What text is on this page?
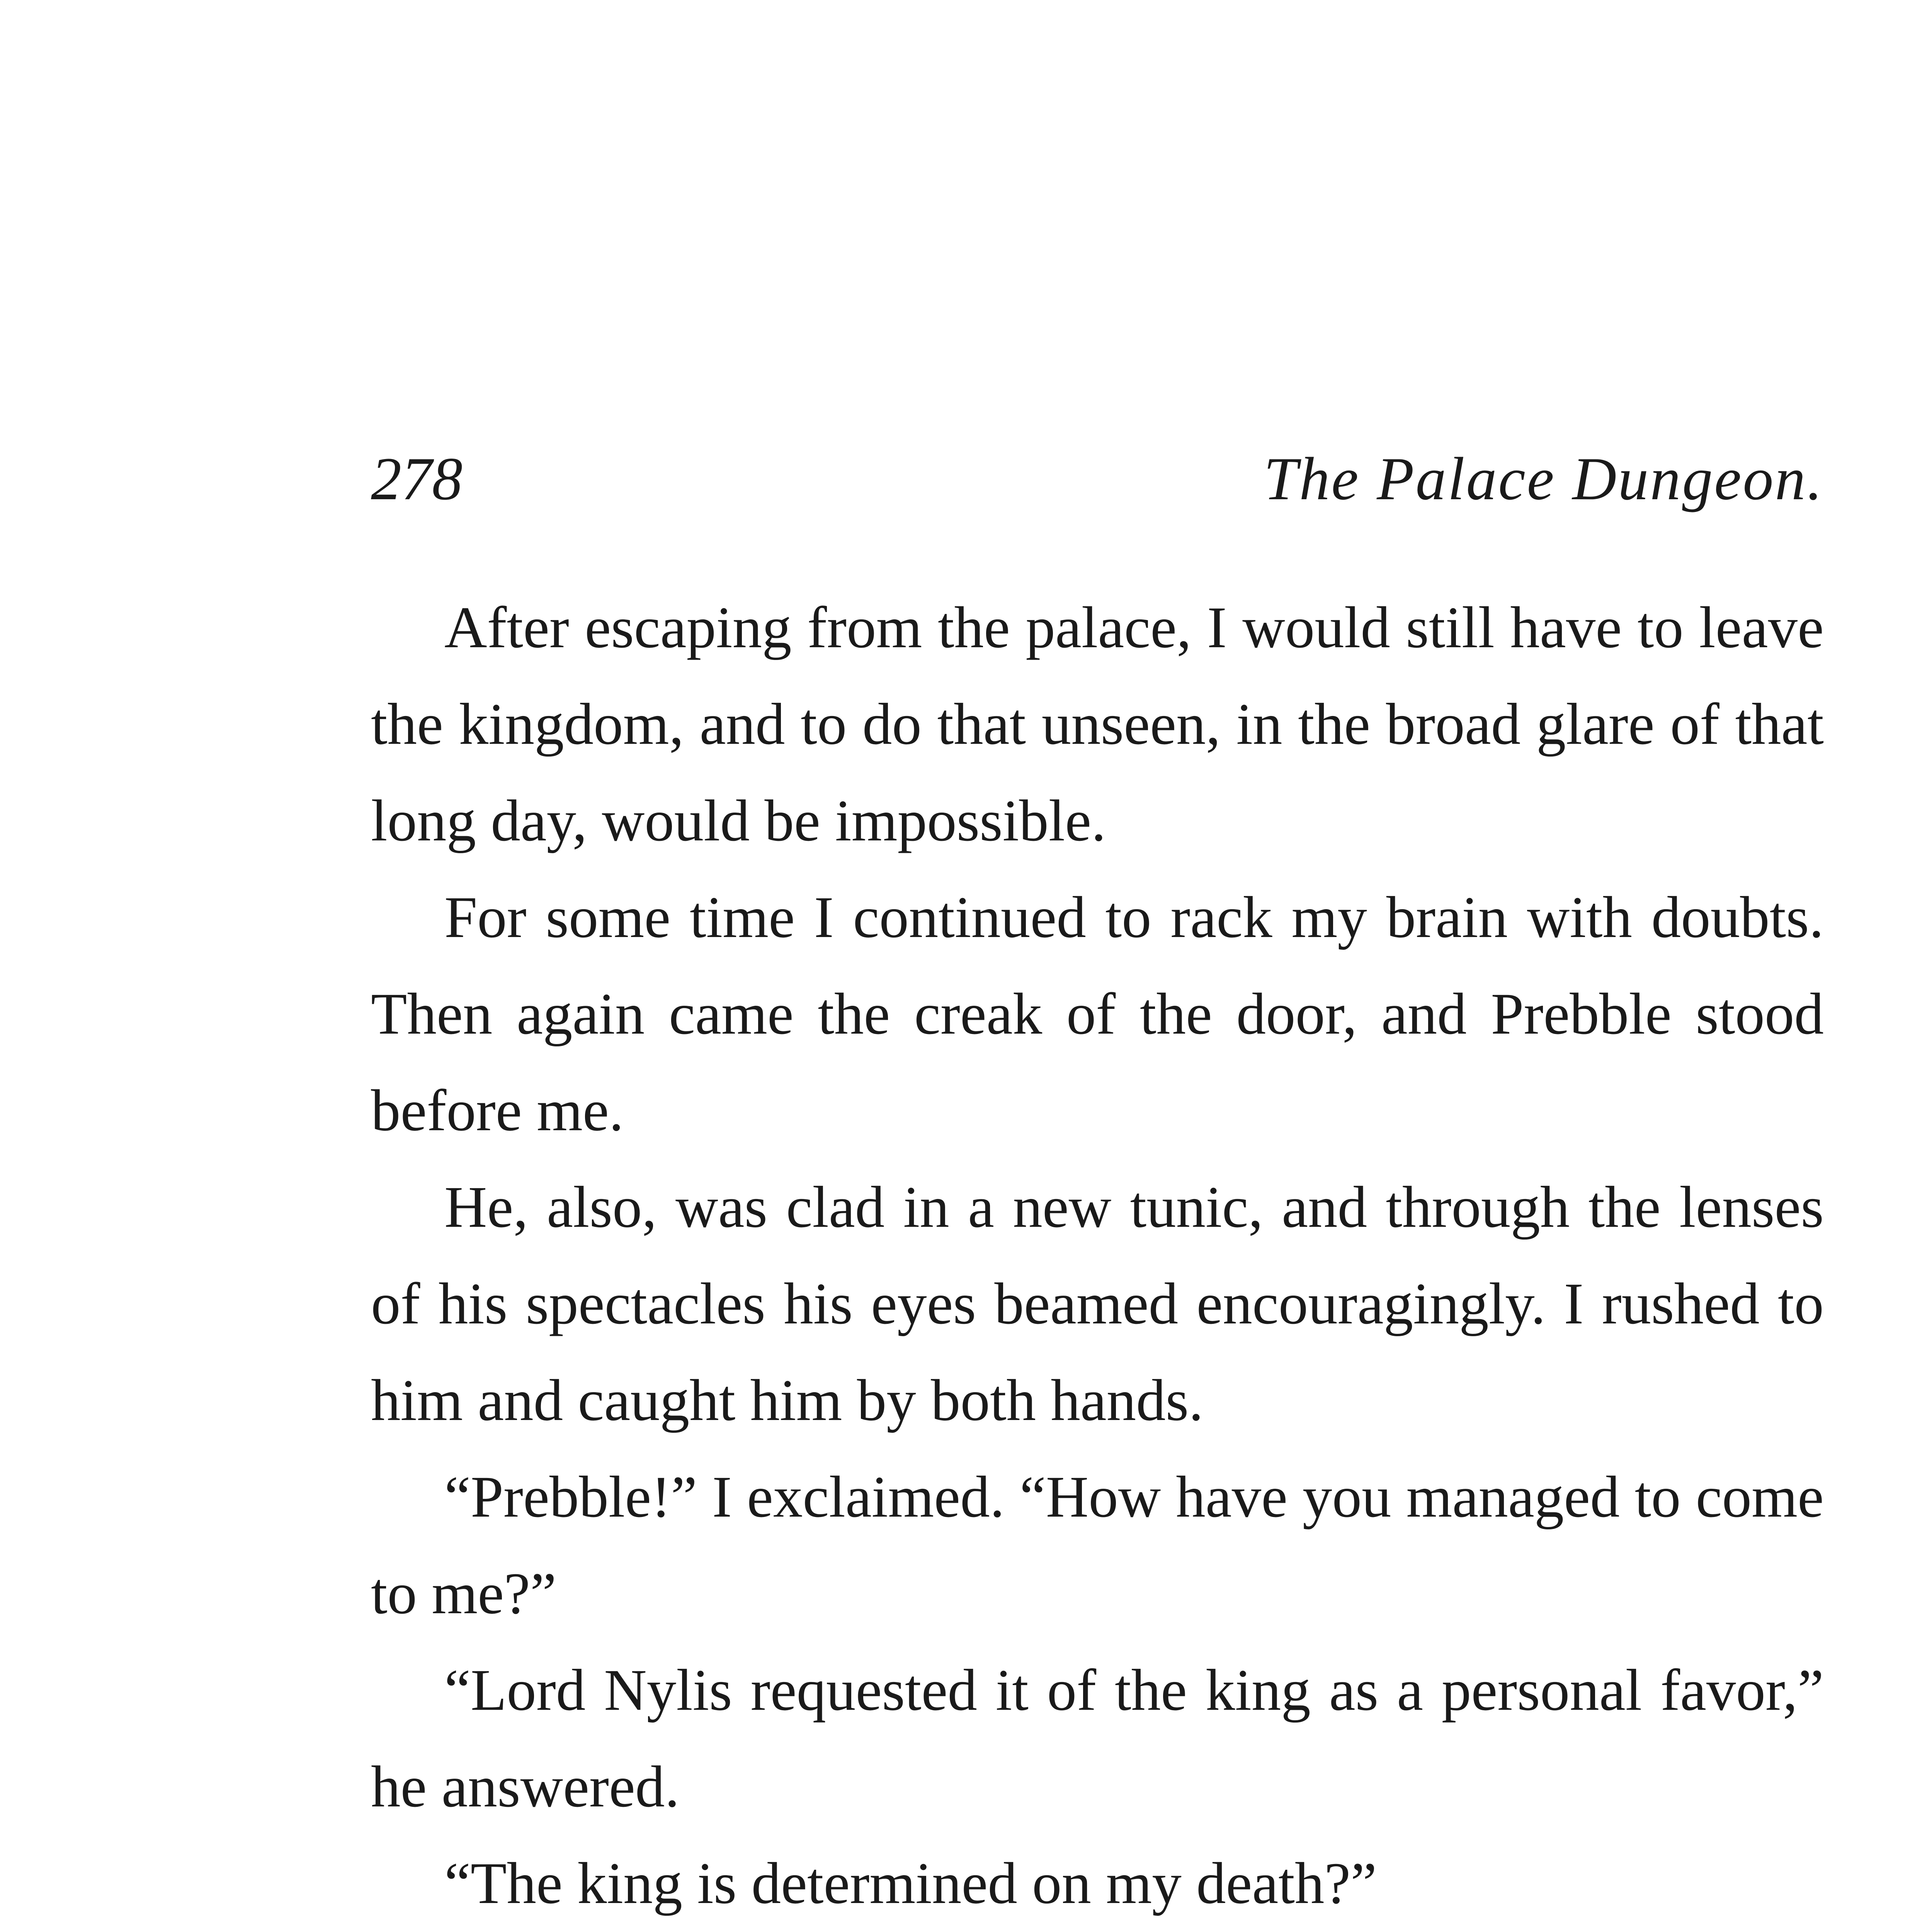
278	The Palace Dungeon.

After escaping from the palace, I would still have to leave the kingdom, and to do that unseen, in the broad glare of that long day, would be impossible.

For some time I continued to rack my brain with doubts. Then again came the creak of the door, and Prebble stood before me.

He, also, was clad in a new tunic, and through the lenses of his spectacles his eyes beamed encouragingly. I rushed to him and caught him by both hands.

“Prebble!” I exclaimed. “How have you managed to come to me?”

“Lord Nylis requested it of the king as a personal favor,” he answered.

“The king is determined on my death?”
